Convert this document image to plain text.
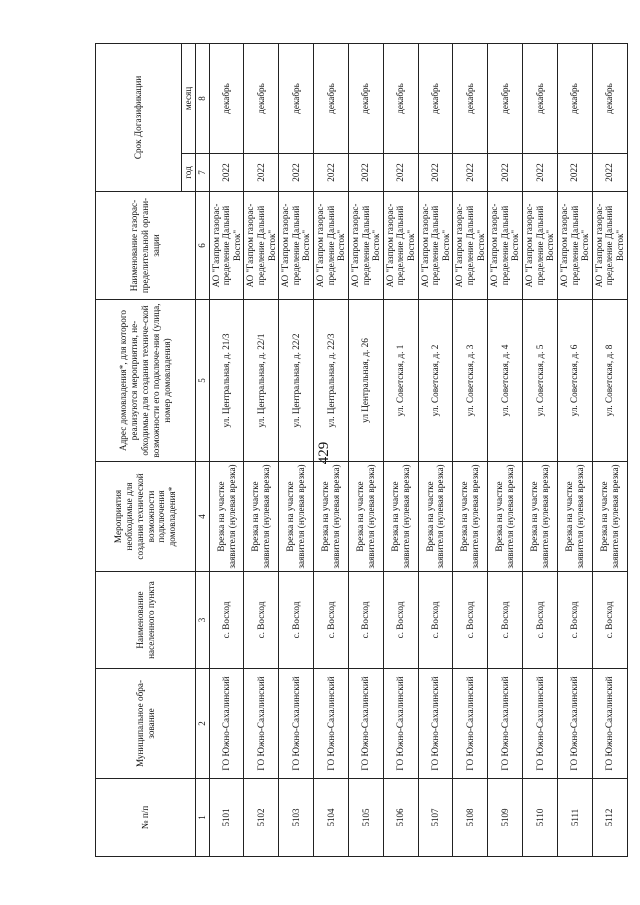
429
№ п/п	Муниципальное обра-зование	Наименование населенного пункта	Мероприятия необходимые для создания технической возможности подключения домовладения*	Адрес домовладения*, для которого реализуются мероприятия, не-обходимые для создания техниче-ской возможности его подключе-ния (улица, номер домовладения)	Наименование газорас-пределительной органи-зации	Срок Догазификации	
						год	месяц
1	2	3	4	5	6	7	8
5101	ГО Южно-Сахалинский	с. Восход	Врезка на участке заявителя (нулевая врезка)	ул. Центральная, д. 21/3	АО "Газпром газорас-пределение Дальний Восток"	2022	декабрь
5102	ГО Южно-Сахалинский	с. Восход	Врезка на участке заявителя (нулевая врезка)	ул. Центральная, д. 22/1	АО "Газпром газорас-пределение Дальний Восток"	2022	декабрь
5103	ГО Южно-Сахалинский	с. Восход	Врезка на участке заявителя (нулевая врезка)	ул. Центральная, д. 22/2	АО "Газпром газорас-пределение Дальний Восток"	2022	декабрь
5104	ГО Южно-Сахалинский	с. Восход	Врезка на участке заявителя (нулевая врезка)	ул. Центральная, д. 22/3	АО "Газпром газорас-пределение Дальний Восток"	2022	декабрь
5105	ГО Южно-Сахалинский	с. Восход	Врезка на участке заявителя (нулевая врезка)	ул Центральная, д. 26	АО "Газпром газорас-пределение Дальний Восток"	2022	декабрь
5106	ГО Южно-Сахалинский	с. Восход	Врезка на участке заявителя (нулевая врезка)	ул. Советская, д. 1	АО "Газпром газорас-пределение Дальний Восток"	2022	декабрь
5107	ГО Южно-Сахалинский	с. Восход	Врезка на участке заявителя (нулевая врезка)	ул. Советская, д. 2	АО "Газпром газорас-пределение Дальний Восток"	2022	декабрь
5108	ГО Южно-Сахалинский	с. Восход	Врезка на участке заявителя (нулевая врезка)	ул. Советская, д. 3	АО "Газпром газорас-пределение Дальний Восток"	2022	декабрь
5109	ГО Южно-Сахалинский	с. Восход	Врезка на участке заявителя (нулевая врезка)	ул. Советская, д. 4	АО "Газпром газорас-пределение Дальний Восток"	2022	декабрь
5110	ГО Южно-Сахалинский	с. Восход	Врезка на участке заявителя (нулевая врезка)	ул. Советская, д. 5	АО "Газпром газорас-пределение Дальний Восток"	2022	декабрь
5111	ГО Южно-Сахалинский	с. Восход	Врезка на участке заявителя (нулевая врезка)	ул. Советская, д. 6	АО "Газпром газорас-пределение Дальний Восток"	2022	декабрь
5112	ГО Южно-Сахалинский	с. Восход	Врезка на участке заявителя (нулевая врезка)	ул. Советская, д. 8	АО "Газпром газорас-пределение Дальний Восток"	2022	декабрь
